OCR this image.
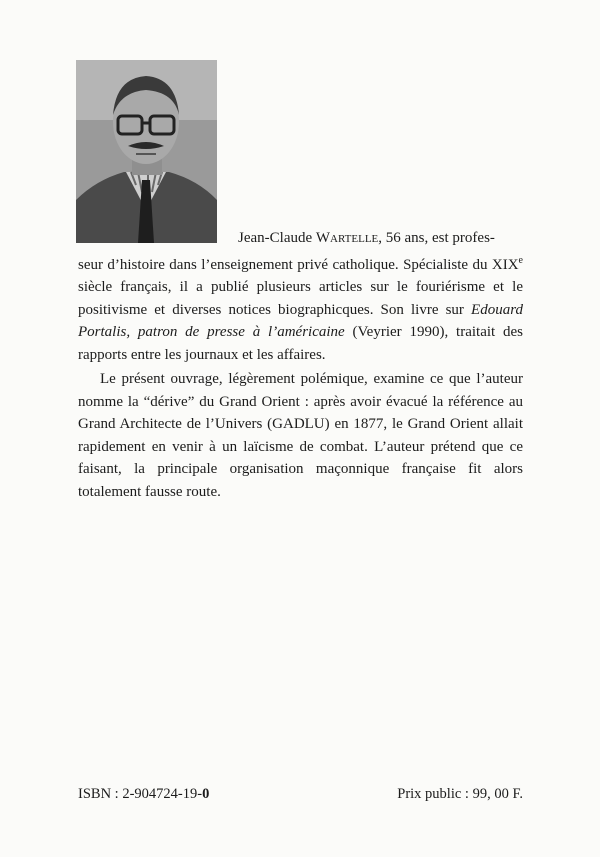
Jean-Claude Wartelle, 56 ans, est profes-
seur d’histoire dans l’enseignement privé catholique. Spécialiste du XIXe siècle français, il a publié plusieurs articles sur le fouriérisme et le positivisme et diverses notices biographicques. Son livre sur Edouard Portalis, patron de presse à l’américaine (Veyrier 1990), traitait des rapports entre les journaux et les affaires.

Le présent ouvrage, légèrement polémique, examine ce que l’auteur nomme la “dérive” du Grand Orient : après avoir évacué la référence au Grand Architecte de l’Univers (GADLU) en 1877, le Grand Orient allait rapidement en venir à un laïcisme de combat. L’auteur prétend que ce faisant, la principale organisation maçonnique française fit alors totalement fausse route.

ISBN : 2-904724-19-0	Prix public : 99, 00 F.
